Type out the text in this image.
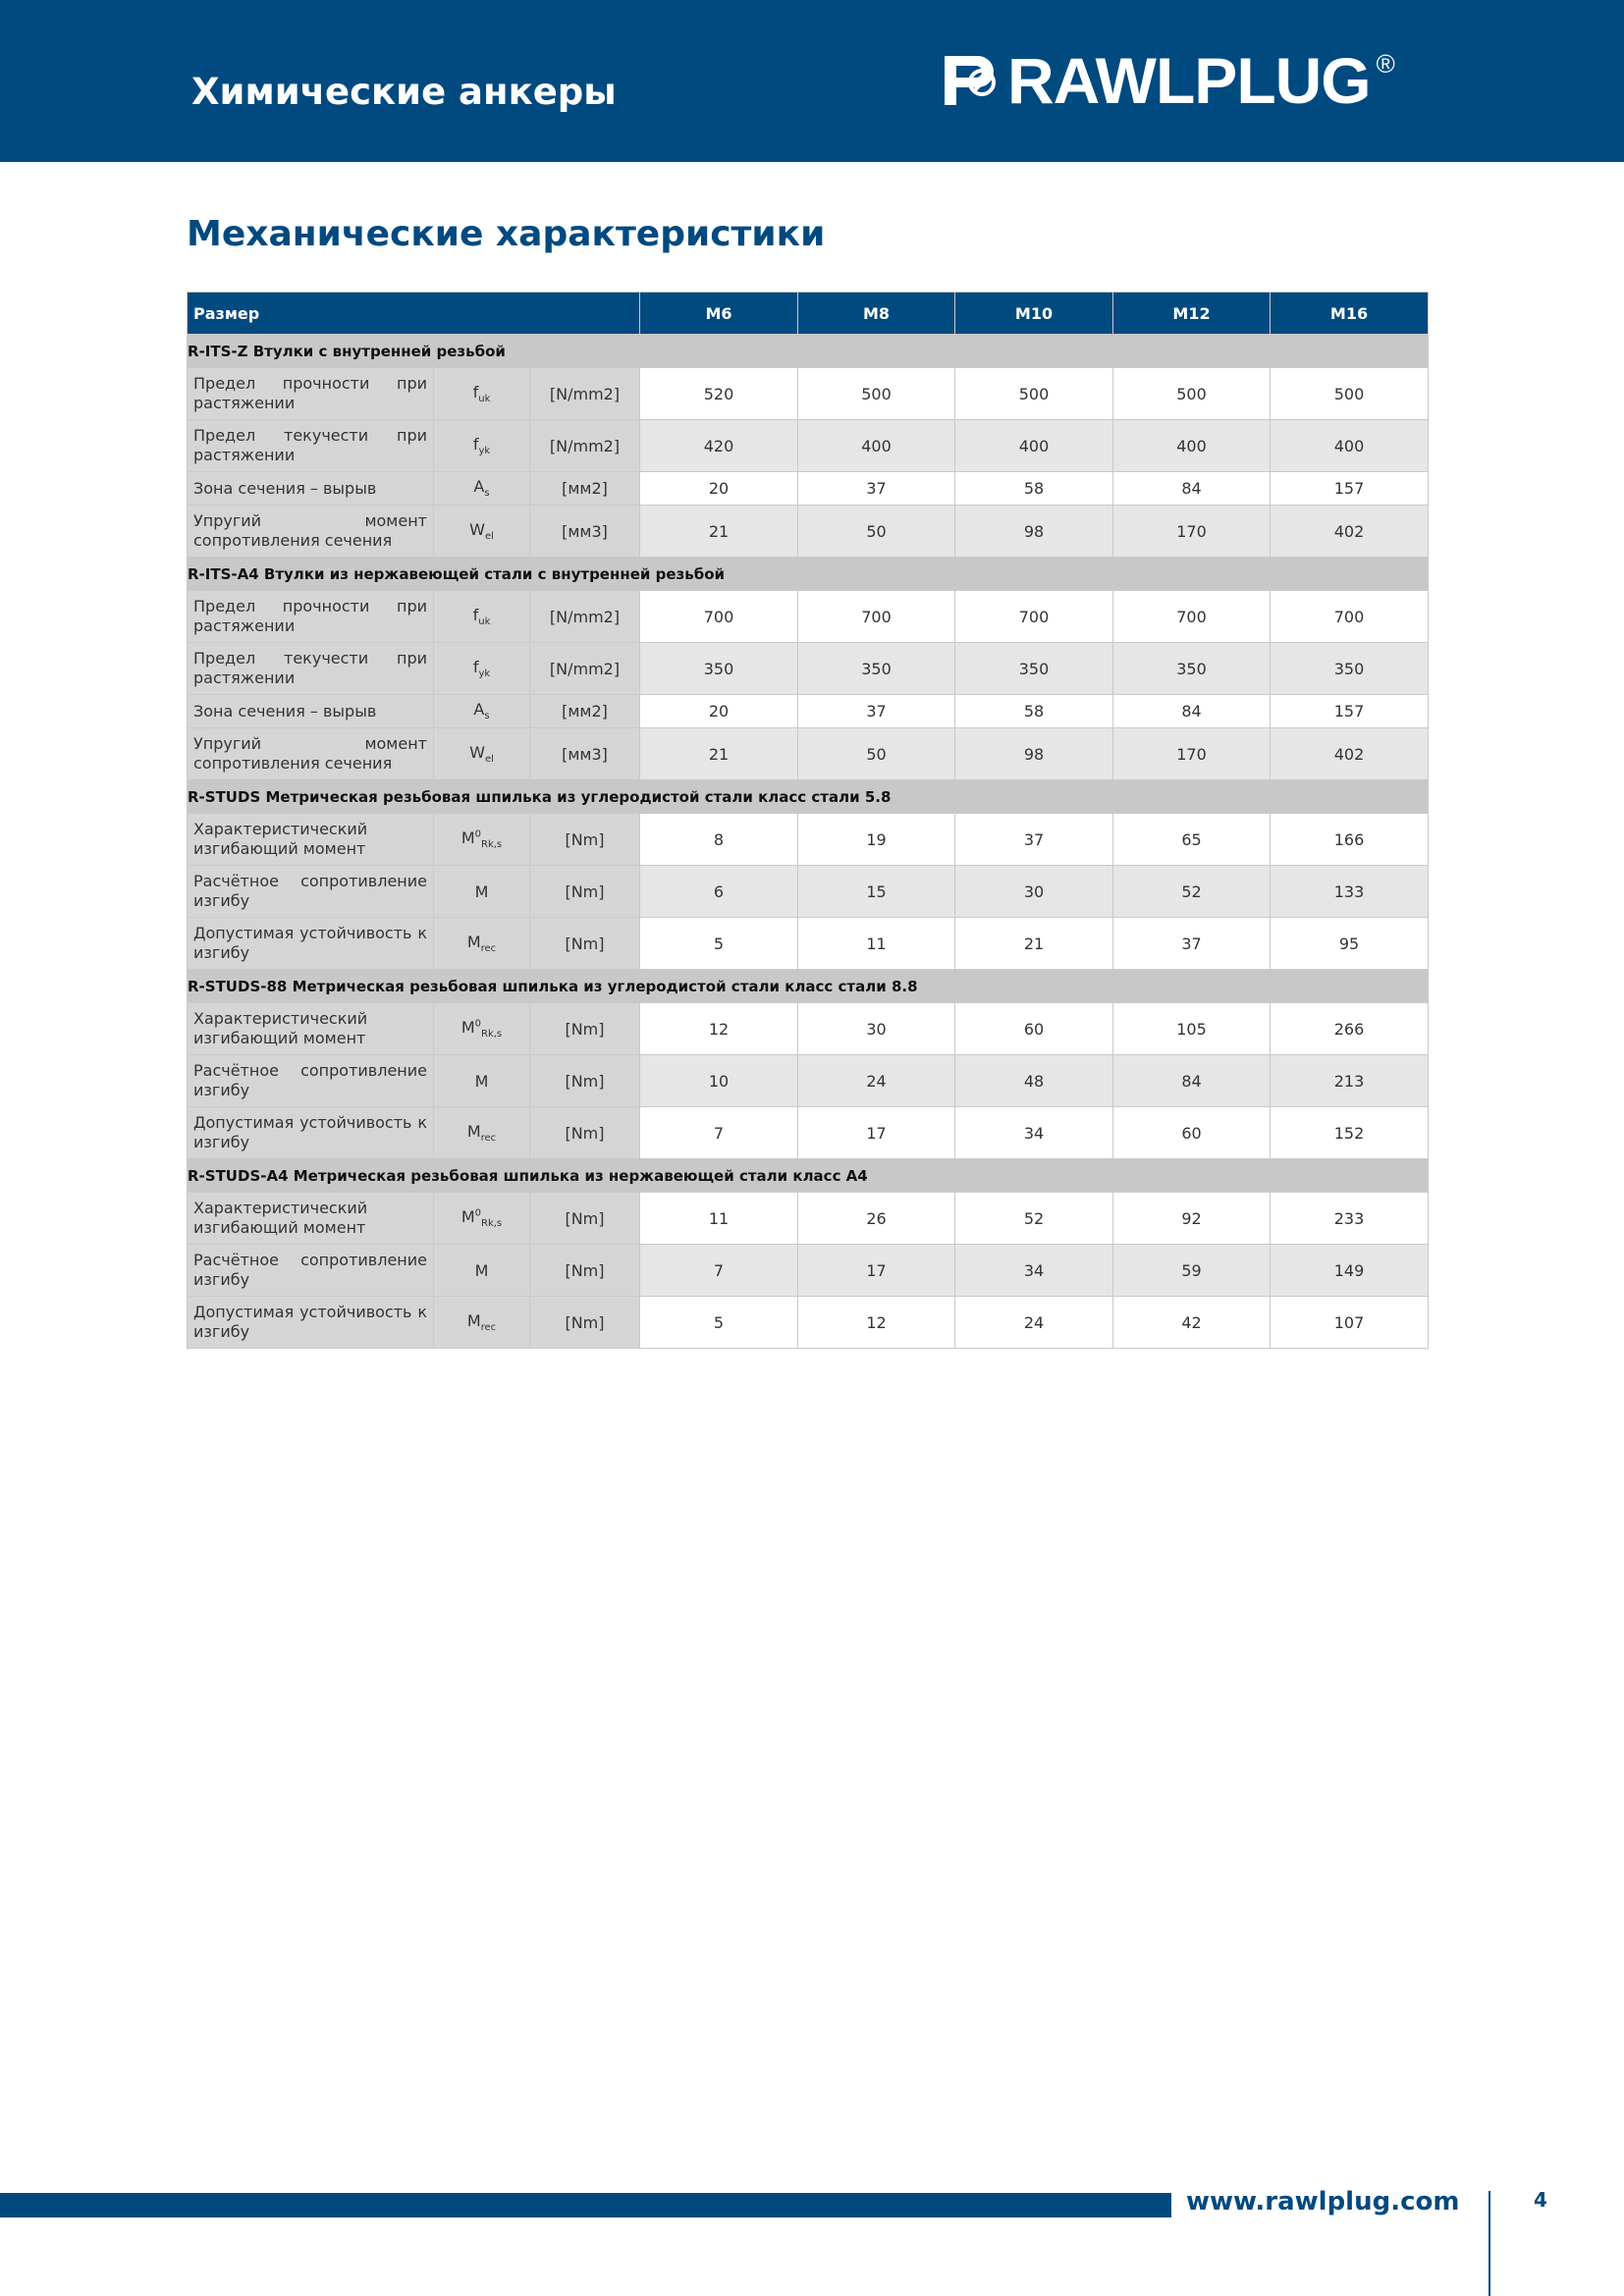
Химические анкеры	RAWLPLUG ®
Механические характеристики
Размер			M6	M8	M10	M12	M16
R-ITS-Z Втулки с внутренней резьбой							
Предел прочности при растяжении	$f_{uk}$	[N/mm2]	520	500	500	500	500
Предел текучести при растяжении	$f_{yk}$	[N/mm2]	420	400	400	400	400
Зона сечения – вырыв	$A_s$	[мм2]	20	37	58	84	157
Упругий момент сопротивления сечения	$W_{el}$	[мм3]	21	50	98	170	402
R-ITS-A4 Втулки из нержавеющей стали с внутренней резьбой							
Предел прочности при растяжении	$f_{uk}$	[N/mm2]	700	700	700	700	700
Предел текучести при растяжении	$f_{yk}$	[N/mm2]	350	350	350	350	350
Зона сечения – вырыв	$A_s$	[мм2]	20	37	58	84	157
Упругий момент сопротивления сечения	$W_{el}$	[мм3]	21	50	98	170	402
R-STUDS Метрическая резьбовая шпилька из углеродистой стали класс стали 5.8							
Характеристический изгибающий момент	$M^0_{Rk,s}$	[Nm]	8	19	37	65	166
Расчётное сопротивление изгибу	M	[Nm]	6	15	30	52	133
Допустимая устойчивость к изгибу	$M_{rec}$	[Nm]	5	11	21	37	95
R-STUDS-88 Метрическая резьбовая шпилька из углеродистой стали класс стали 8.8							
Характеристический изгибающий момент	$M^0_{Rk,s}$	[Nm]	12	30	60	105	266
Расчётное сопротивление изгибу	M	[Nm]	10	24	48	84	213
Допустимая устойчивость к изгибу	$M_{rec}$	[Nm]	7	17	34	60	152
R-STUDS-A4 Метрическая резьбовая шпилька из нержавеющей стали класс A4							
Характеристический изгибающий момент	$M^0_{Rk,s}$	[Nm]	11	26	52	92	233
Расчётное сопротивление изгибу	M	[Nm]	7	17	34	59	149
Допустимая устойчивость к изгибу	$M_{rec}$	[Nm]	5	12	24	42	107
www.rawlplug.com	4
